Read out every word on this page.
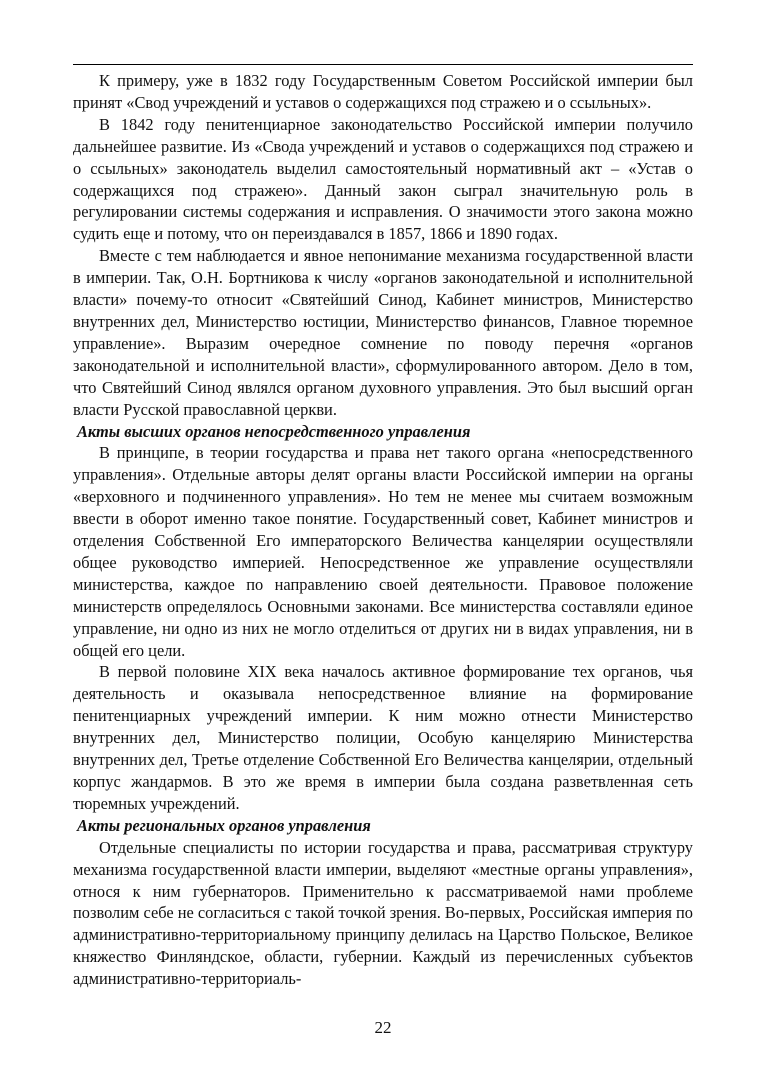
К примеру, уже в 1832 году Государственным Советом Российской империи был принят «Свод учреждений и уставов о содержащихся под стражею и о ссыльных».

В 1842 году пенитенциарное законодательство Российской империи получило дальнейшее развитие. Из «Свода учреждений и уставов о содержащихся под стражею и о ссыльных» законодатель выделил самостоятельный нормативный акт – «Устав о содержащихся под стражею». Данный закон сыграл значительную роль в регулировании системы содержания и исправления. О значимости этого закона можно судить еще и потому, что он переиздавался в 1857, 1866 и 1890 годах.

Вместе с тем наблюдается и явное непонимание механизма государственной власти в империи. Так, О.Н. Бортникова к числу «органов законодательной и исполнительной власти» почему-то относит «Святейший Синод, Кабинет министров, Министерство внутренних дел, Министерство юстиции, Министерство финансов, Главное тюремное управление». Выразим очередное сомнение по поводу перечня «органов законодательной и исполнительной власти», сформулированного автором. Дело в том, что Святейший Синод являлся органом духовного управления. Это был высший орган власти Русской православной церкви.

Акты высших органов непосредственного управления

В принципе, в теории государства и права нет такого органа «непосредственного управления». Отдельные авторы делят органы власти Российской империи на органы «верховного и подчиненного управления». Но тем не менее мы считаем возможным ввести в оборот именно такое понятие. Государственный совет, Кабинет министров и отделения Собственной Его императорского Величества канцелярии осуществляли общее руководство империей. Непосредственное же управление осуществляли министерства, каждое по направлению своей деятельности. Правовое положение министерств определялось Основными законами. Все министерства составляли единое управление, ни одно из них не могло отделиться от других ни в видах управления, ни в общей его цели.

В первой половине XIX века началось активное формирование тех органов, чья деятельность и оказывала непосредственное влияние на формирование пенитенциарных учреждений империи. К ним можно отнести Министерство внутренних дел, Министерство полиции, Особую канцелярию Министерства внутренних дел, Третье отделение Собственной Его Величества канцелярии, отдельный корпус жандармов. В это же время в империи была создана разветвленная сеть тюремных учреждений.

Акты региональных органов управления

Отдельные специалисты по истории государства и права, рассматривая структуру механизма государственной власти империи, выделяют «местные органы управления», относя к ним губернаторов. Применительно к рассматриваемой нами проблеме позволим себе не согласиться с такой точкой зрения. Во-первых, Российская империя по административно-территориальному принципу делилась на Царство Польское, Великое княжество Финляндское, области, губернии. Каждый из перечисленных субъектов административно-территориаль-

22
